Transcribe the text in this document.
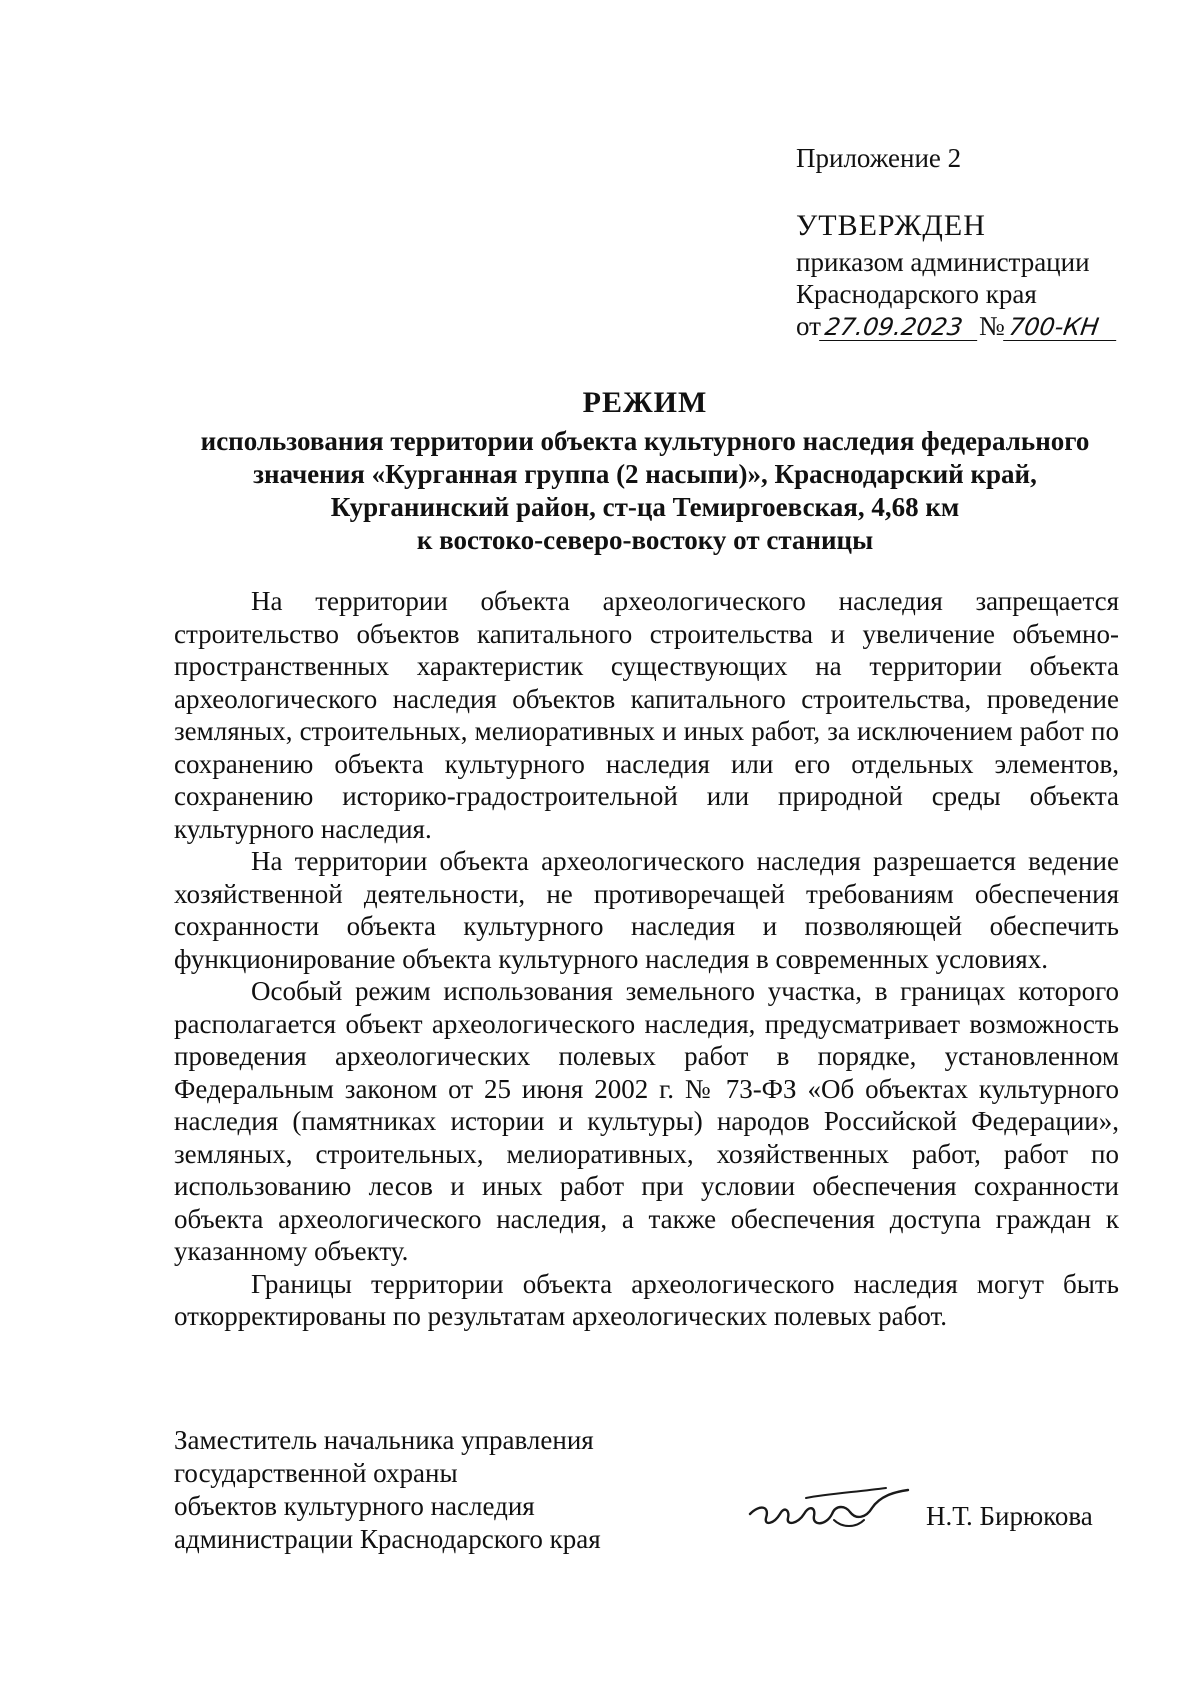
Приложение 2
УТВЕРЖДЕН
приказом администрации
Краснодарского края
от27.09.2023 №700-КН
РЕЖИМ
использования территории объекта культурного наследия федерального
значения «Курганная группа (2 насыпи)», Краснодарский край,
Курганинский район, ст-ца Темиргоевская, 4,68 км
к востоко-северо-востоку от станицы

На территории объекта археологического наследия запрещается строительство объектов капитального строительства и увеличение объемно-пространственных характеристик существующих на территории объекта археологического наследия объектов капитального строительства, проведение земляных, строительных, мелиоративных и иных работ, за исключением работ по сохранению объекта культурного наследия или его отдельных элементов, сохранению историко-градостроительной или природной среды объекта культурного наследия.

На территории объекта археологического наследия разрешается ведение хозяйственной деятельности, не противоречащей требованиям обеспечения сохранности объекта культурного наследия и позволяющей обеспечить функционирование объекта культурного наследия в современных условиях.

Особый режим использования земельного участка, в границах которого располагается объект археологического наследия, предусматривает возможность проведения археологических полевых работ в порядке, установленном Федеральным законом от 25 июня 2002 г. № 73-ФЗ «Об объектах культурного наследия (памятниках истории и культуры) народов Российской Федерации», земляных, строительных, мелиоративных, хозяйственных работ, работ по использованию лесов и иных работ при условии обеспечения сохранности объекта археологического наследия, а также обеспечения доступа граждан к указанному объекту.

Границы территории объекта археологического наследия могут быть откорректированы по результатам археологических полевых работ.

Заместитель начальника управления
государственной охраны
объектов культурного наследия
администрации Краснодарского края
Н.Т. Бирюкова
